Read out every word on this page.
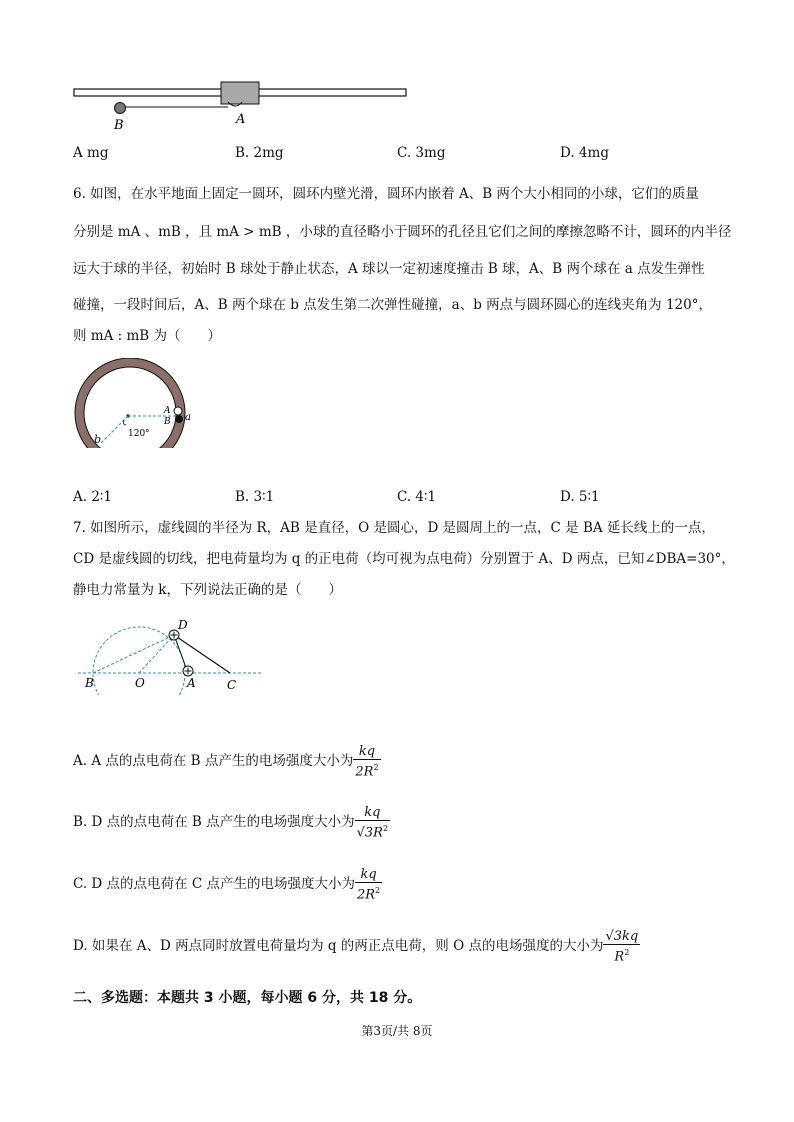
B	A
A mg	B. 2mg	C. 3mg	D. 4mg
6. 如图，在水平地面上固定一圆环，圆环内壁光滑，圆环内嵌着 A、B 两个大小相同的小球，它们的质量
分别是 mA 、mB ，且 mA > mB ，小球的直径略小于圆环的孔径且它们之间的摩擦忽略不计，圆环的内半径
远大于球的半径，初始时 B 球处于静止状态，A 球以一定初速度撞击 B 球，A、B 两个球在 a 点发生弹性
碰撞，一段时间后，A、B 两个球在 b 点发生第二次弹性碰撞，a、b 两点与圆环圆心的连线夹角为 120°，
则 mA : mB 为（　　）
120°
A
B a
b
A. 2∶1	B. 3∶1	C. 4∶1	D. 5∶1
7. 如图所示，虚线圆的半径为 R，AB 是直径，O 是圆心，D 是圆周上的一点，C 是 BA 延长线上的一点，
CD 是虚线圆的切线，把电荷量均为 q 的正电荷（均可视为点电荷）分别置于 A、D 两点，已知∠DBA=30°，
静电力常量为 k，下列说法正确的是（　　）
D
B	O	A	C
A. A 点的点电荷在 B 点产生的电场强度大小为 $\frac{kq}{2R^2}$
B. D 点的点电荷在 B 点产生的电场强度大小为 $\frac{kq}{√3R^2}$
C. D 点的点电荷在 C 点产生的电场强度大小为 $\frac{kq}{2R^2}$
D. 如果在 A、D 两点同时放置电荷量均为 q 的两正点电荷，则 O 点的电场强度的大小为 $\frac{√3kq}{R^2}$
二、多选题：本题共 3 小题，每小题 6 分，共 18 分。
第3页/共 8页
